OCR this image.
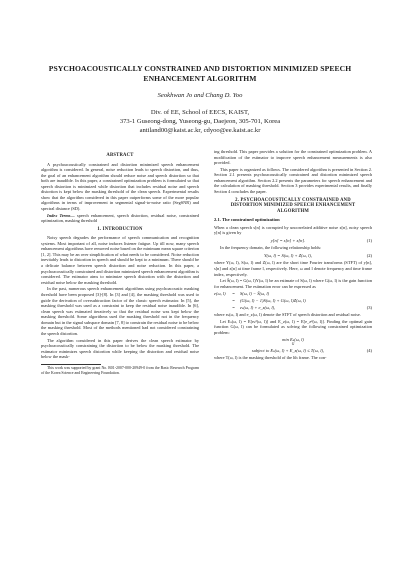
PSYCHOACOUSTICALLY CONSTRAINED AND DISTORTION MINIMIZED SPEECH
ENHANCEMENT ALGORITHM
Seokhwan Jo and Chang D. Yoo
Div. of EE, School of EECS, KAIST,
373-1 Guseong-dong, Yuseong-gu, Daejeon, 305-701, Korea
antiland00@kaist.ac.kr, cdyoo@ee.kaist.ac.kr
ABSTRACT

A psychoacoustically constrained and distortion minimized speech enhancement algorithm is considered. In general, noise reduction leads to speech distortion, and thus, the goal of an enhancement algorithm should reduce noise and speech distortion so that both are inaudible. In this paper, a constrained optimization problem is formulated so that speech distortion is minimized while distortion that includes residual noise and speech distortion is kept below the masking threshold of the clean speech. Experimental results show that the algorithm considered in this paper outperforms some of the more popular algorithms in terms of improvement in segmental signal-to-noise ratio (SegSNR) and spectral distance (SD).

Index Terms— speech enhancement, speech distortion, residual noise, constrained optimization, masking threshold

1. INTRODUCTION

Noisy speech degrades the performance of speech communication and recognition systems. Most important of all, noise induces listener fatigue. Up till now, many speech enhancement algorithms have removed noise based on the minimum mean square criterion [1, 2]. This may be an over simplification of what needs to be considered. Noise reduction inevitably leads to distortion in speech and should be kept to a minimum. There should be a delicate balance between speech distortion and noise reduction. In this paper, a psychoacoustically constrained and distortion minimized speech enhancement algorithm is considered. The estimator aims to minimize speech distortion with the distortion and residual noise below the masking threshold.

In the past, numerous speech enhancement algorithms using psychoacoustic masking threshold have been proposed [3]-[8]. In [3] and [4], the masking threshold was used to guide the derivation of oversubtraction factor of the classic speech estimator. In [5], the masking threshold was used as a constraint to keep the residual noise inaudible. In [6], clean speech was estimated iteratively so that the residual noise was kept below the masking threshold. Some algorithms used the masking threshold not in the frequency domain but in the signal subspace domain [7, 8] to constrain the residual noise to be below the masking threshold. Most of the methods mentioned had not considered constraining the speech distortion.

The algorithm considered in this paper derives the clean speech estimator by psychoacoustically constraining the distortion to be below the masking threshold. The estimator minimizes speech distortion while keeping the distortion and residual noise below the mask-

This work was supported by grant No. R01-2007-000-20949-0 from the Basic Research Program of the Korea Science and Engineering Foundation.

ing threshold. This paper provides a solution for the constrained optimization problem. A modification of the estimator to improve speech enhancement measurements is also provided.

This paper is organized as follows. The considered algorithm is presented in Section 2. Section 2.1 presents psychoacoustically constrained and distortion minimized speech enhancement algorithm. Section 2.2 presents the parameters for speech enhancement and the calculation of masking threshold. Section 3 provides experimental results, and finally Section 4 concludes the paper.

2. PSYCHOACOUSTICALLY CONSTRAINED AND
DISTORTION MINIMIZED SPEECH ENHANCEMENT
ALGORITHM
2.1. The constrained optimization

When a clean speech s[n] is corrupted by uncorrelated additive noise z[n], noisy speech y[n] is given by

y[n] = s[n] + z[n].	(1)

In the frequency domain, the following relationship holds:

Y(ω, l) = S(ω, l) + Z(ω, l),	(2)

where Y(ω, l), S(ω, l) and Z(ω, l) are the short time Fourier transforms (STFT) of y[n], s[n] and z[n] at time frame l, respectively. Here, ω and l denote frequency and time frame index, respectively.

Let Ŝ(ω, l) = G(ω, l)Y(ω, l) be an estimate of S(ω, l) where G(ω, l) is the gain function for enhancement. The estimation error can be expressed as

e(ω, l)	=	S(ω, l) − Ŝ(ω, l)
=	(G(ω, l) − 1)S(ω, l) + G(ω, l)Z(ω, l)
=	eₛ(ω, l) + e_z(ω, l),	(3)

where eₛ(ω, l) and e_z(ω, l) denote the STFT of speech distortion and residual noise.

Let Eₛ(ω, l) = E[eₛ²(ω, l)] and E_z(ω, l) = E[e_z²(ω, l)]. Finding the optimal gain function G(ω, l) can be formulated as solving the following constrained optimization problem:

min Eₛ(ω, l)
G
subject to Eₛ(ω, l) + E_z(ω, l) ≤ T(ω, l),	(4)

where T(ω, l) is the masking threshold of the lth frame. The con-
